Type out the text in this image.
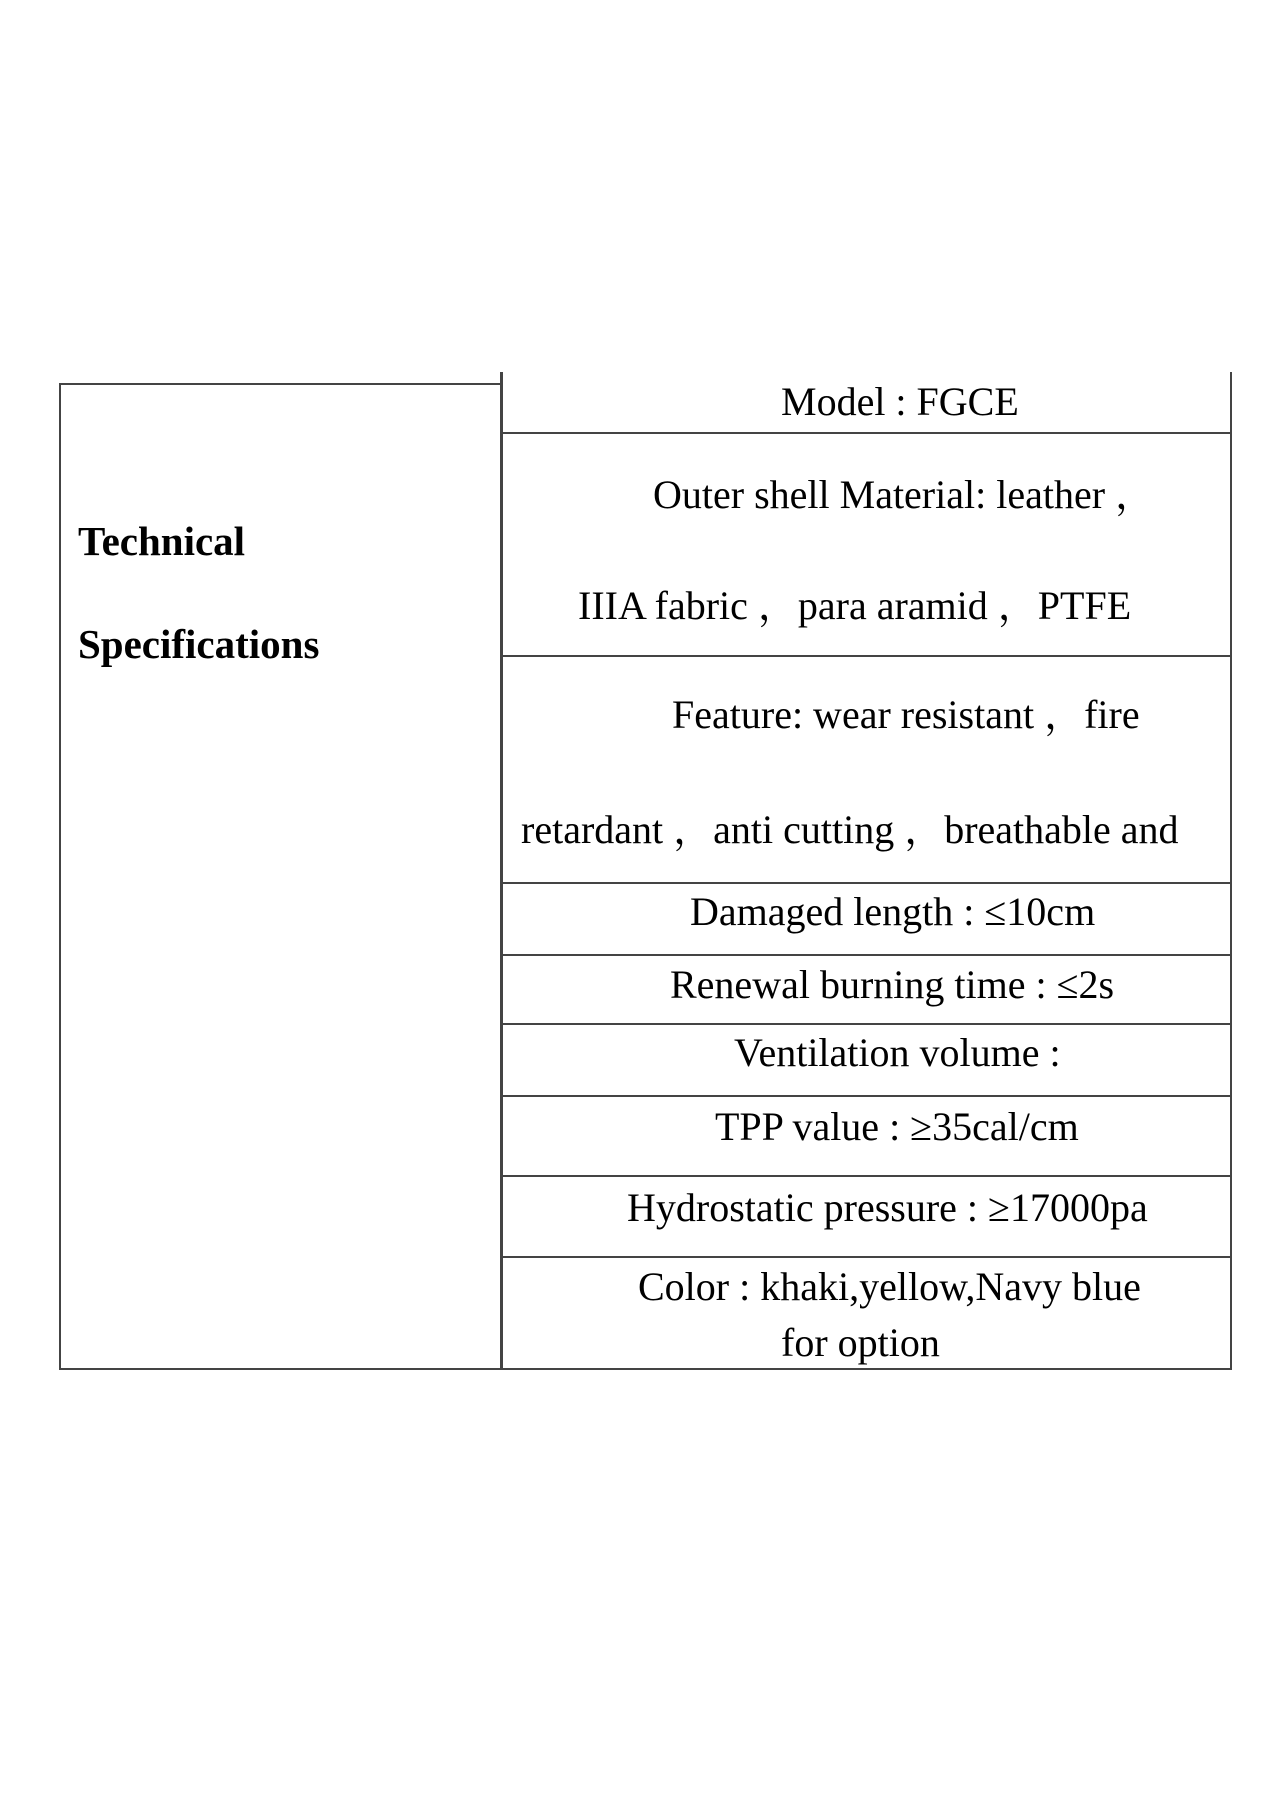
Technical
Specifications
Model : FGCE
Outer shell Material: leather ，
IIIA fabric ，para aramid ，PTFE
Feature: wear resistant ，fire
retardant ，anti cutting ，breathable and
Damaged length : ≤10cm
Renewal burning time : ≤2s
Ventilation volume :
TPP value : ≥35cal/cm
Hydrostatic pressure : ≥17000pa
Color : khaki,yellow,Navy blue
for option
